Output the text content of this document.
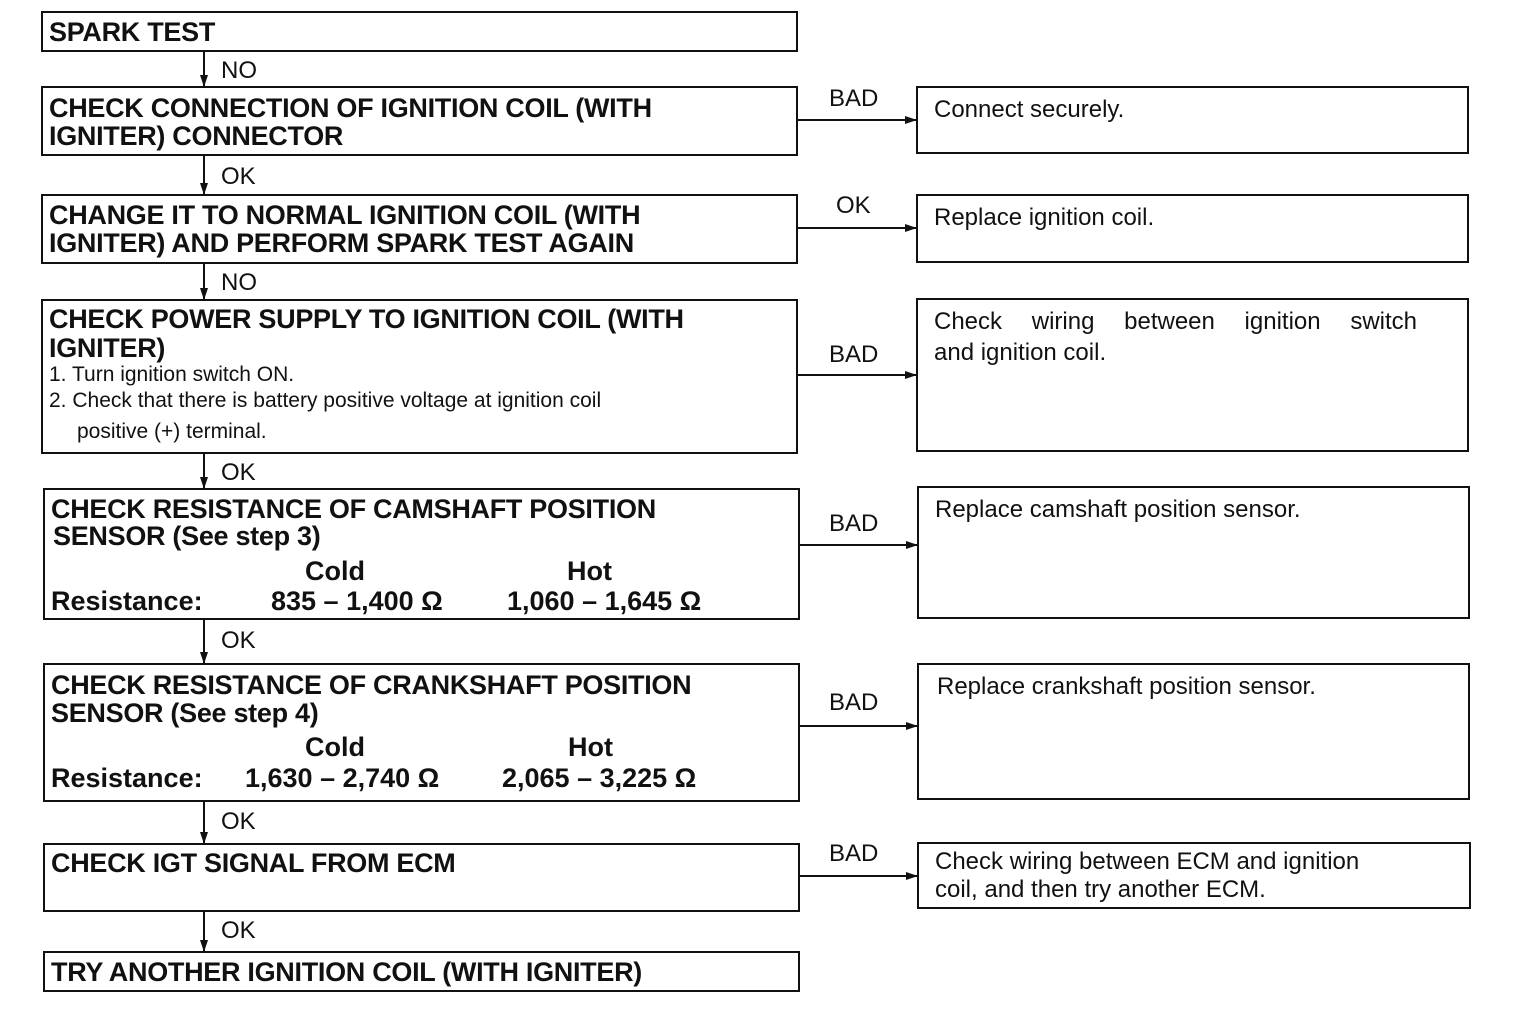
NO
OK
NO
OK
OK
OK
OK
BAD
OK
BAD
BAD
BAD
BAD
SPARK TEST
CHECK CONNECTION OF IGNITION COIL (WITH
IGNITER) CONNECTOR
CHANGE IT TO NORMAL IGNITION COIL (WITH
IGNITER) AND PERFORM SPARK TEST AGAIN
CHECK POWER SUPPLY TO IGNITION COIL (WITH
IGNITER)
1. Turn ignition switch ON.
2. Check that there is battery positive voltage at ignition coil
positive (+) terminal.
CHECK RESISTANCE OF CAMSHAFT POSITION
SENSOR (See step 3)
Cold	Hot
Resistance:	835 – 1,400 Ω 1,060 – 1,645 Ω
CHECK RESISTANCE OF CRANKSHAFT POSITION
SENSOR (See step 4)
Cold	Hot
Resistance: 1,630 – 2,740 Ω 2,065 – 3,225 Ω
CHECK IGT SIGNAL FROM ECM
TRY ANOTHER IGNITION COIL (WITH IGNITER)
Connect securely.
Replace ignition coil.
Check wiring between ignition switch
and ignition coil.
Replace camshaft position sensor.
Replace crankshaft position sensor.
Check wiring between ECM and ignition
coil, and then try another ECM.
